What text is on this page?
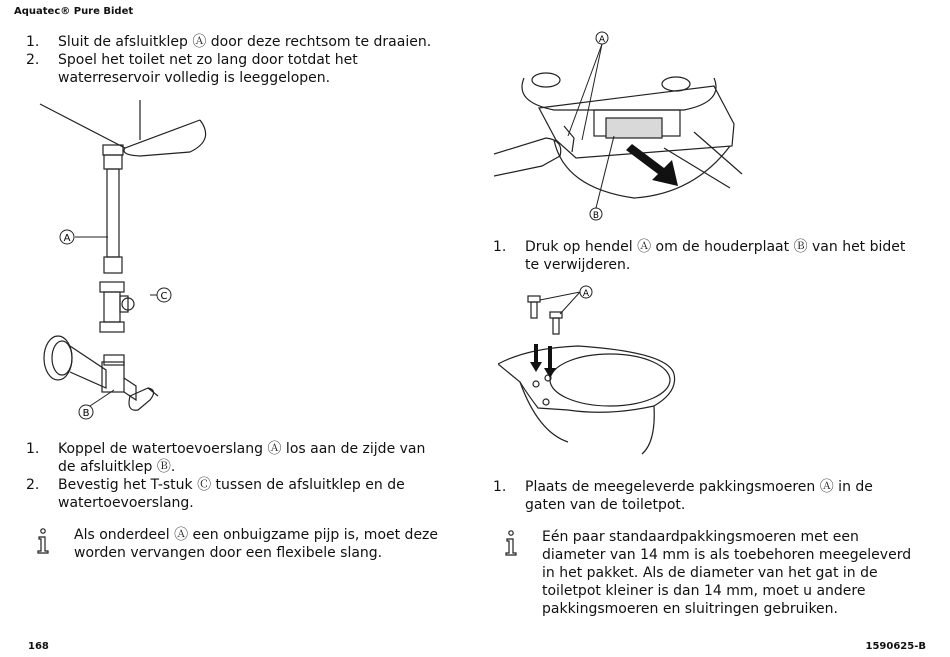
Aquatec® Pure Bidet
1. Sluit de afsluitklep Ⓐ door deze rechtsom te draaien.
2. Spoel het toilet net zo lang door totdat het waterreservoir volledig is leeggelopen.
A
C
B
1. Koppel de watertoevoerslang Ⓐ los aan de zijde van de afsluitklep Ⓑ.
2. Bevestig het T-stuk Ⓒ tussen de afsluitklep en de watertoevoerslang.
Als onderdeel Ⓐ een onbuigzame pijp is, moet deze worden vervangen door een flexibele slang.
A
B
1. Druk op hendel Ⓐ om de houderplaat Ⓑ van het bidet te verwijderen.
A
1. Plaats de meegeleverde pakkingsmoeren Ⓐ in de gaten van de toiletpot.
Eén paar standaardpakkingsmoeren met een diameter van 14 mm is als toebehoren meegeleverd in het pakket. Als de diameter van het gat in de toiletpot kleiner is dan 14 mm, moet u andere pakkingsmoeren en sluitringen gebruiken.
168	1590625-B
